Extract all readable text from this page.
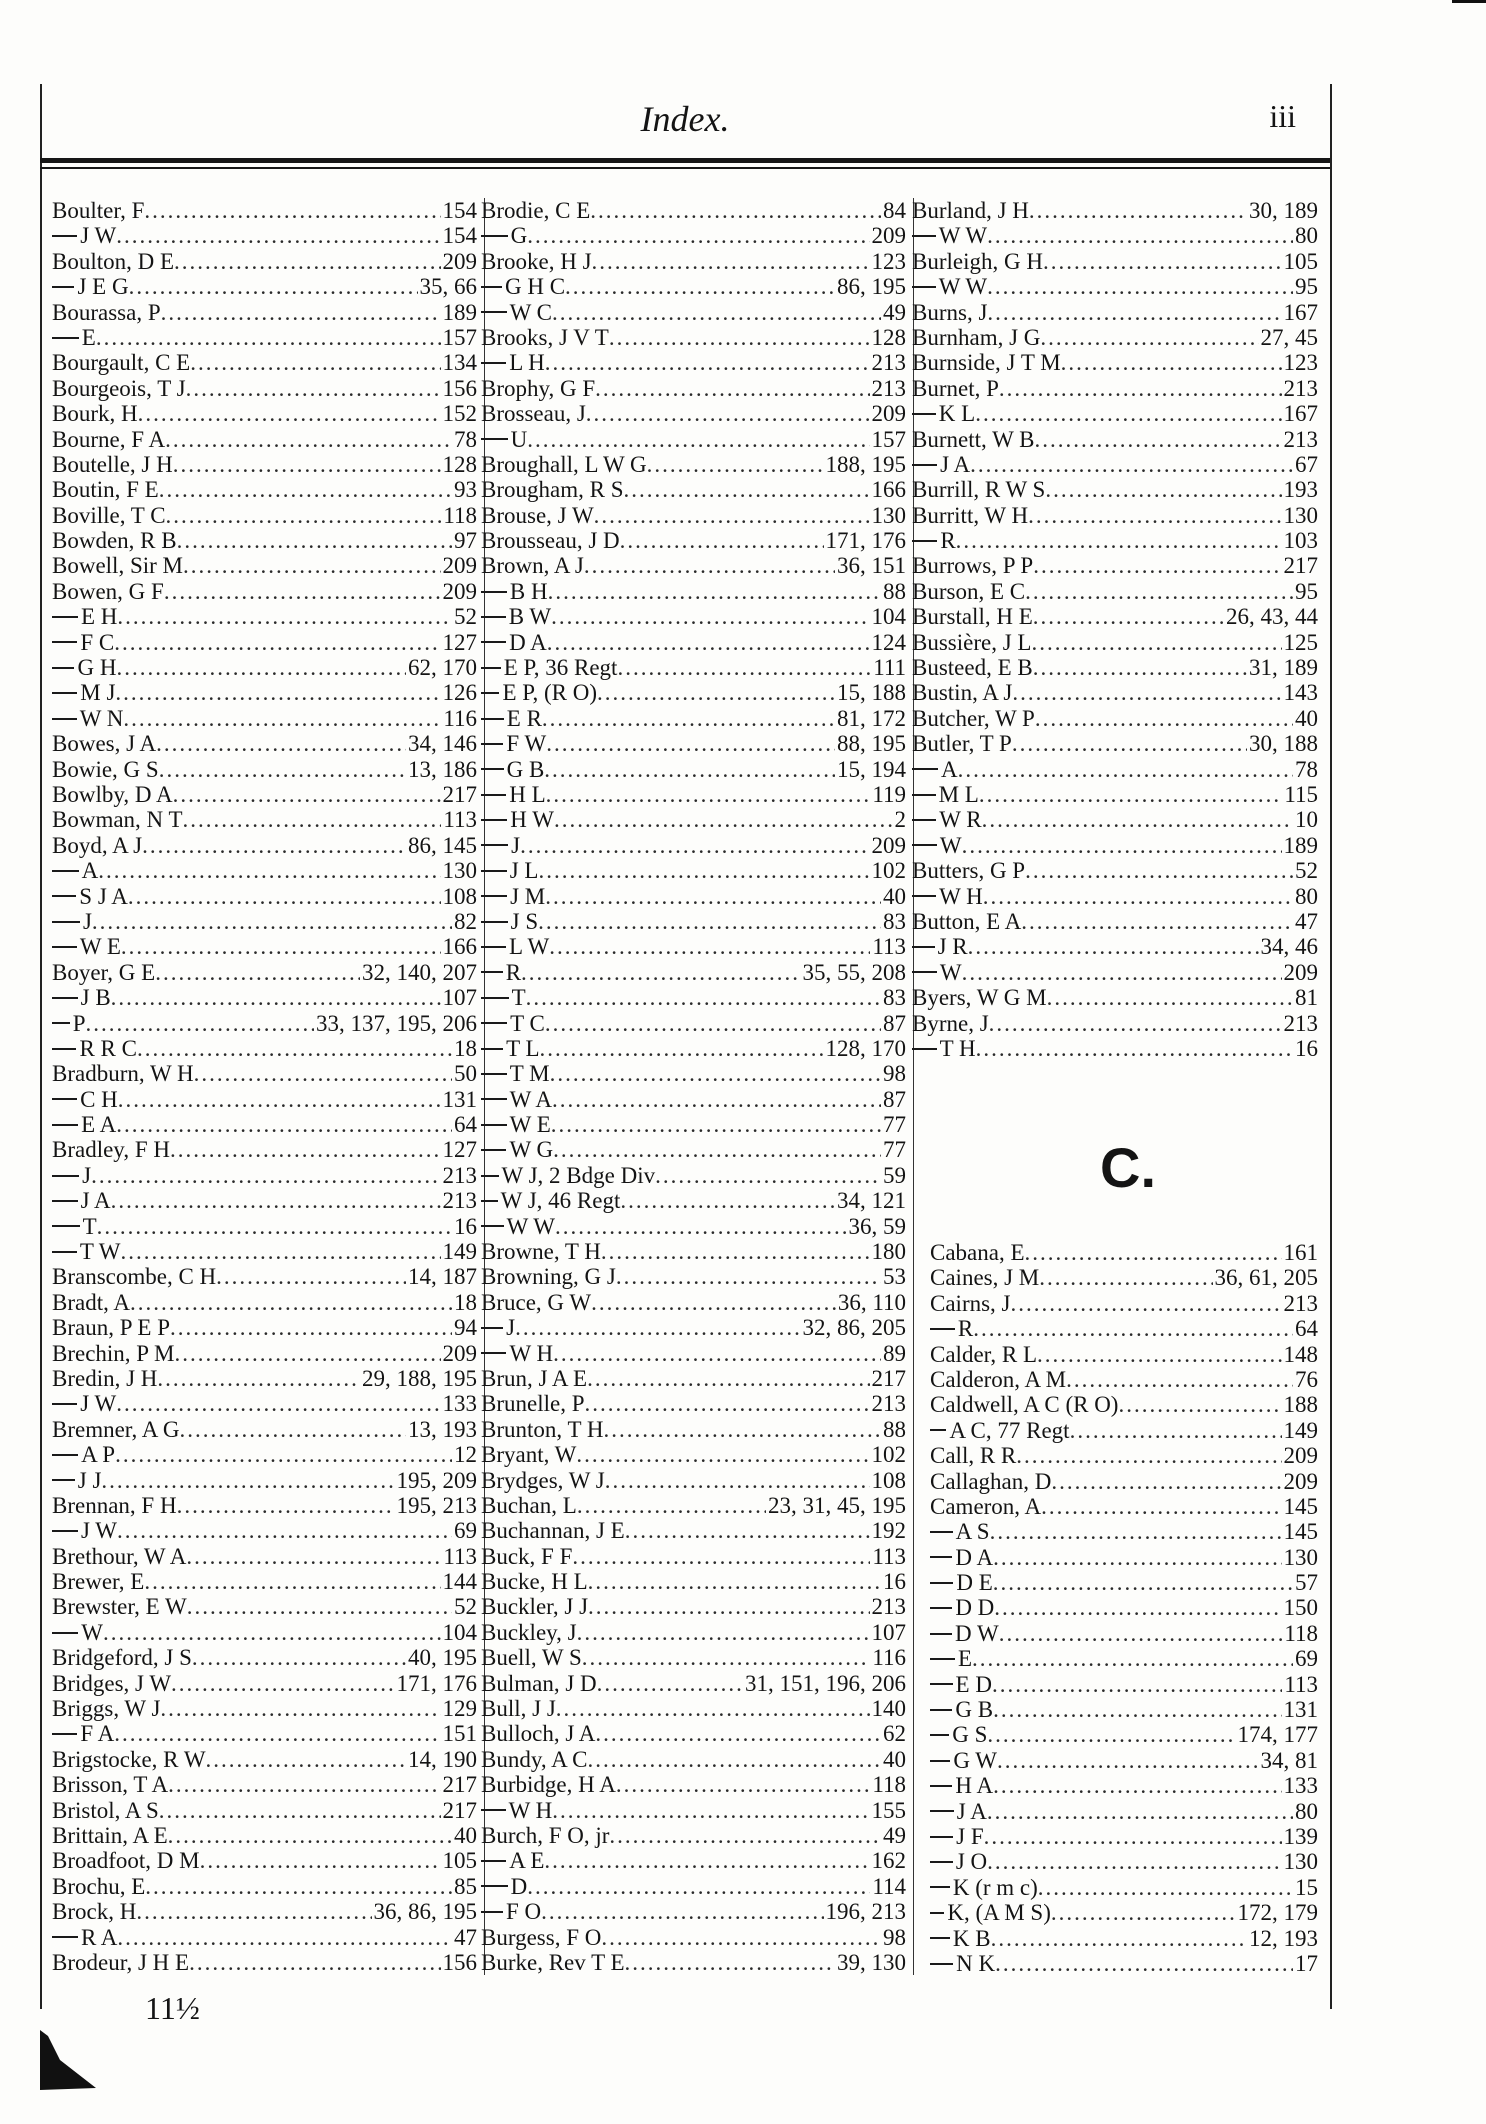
Index.	iii
Boulter, F .....	154
J W .....	154
Boulton, D E .....	209
J E G .....	35, 66
Bourassa, P .....	189
E .....	157
Bourgault, C E .....	134
Bourgeois, T J .....	156
Bourk, H .....	152
Bourne, F A .....	78
Boutelle, J H .....	128
Boutin, F E .....	93
Boville, T C .....	118
Bowden, R B .....	97
Bowell, Sir M .....	209
Bowen, G F .....	209
E H .....	52
F C .....	127
G H .....	62, 170
M J .....	126
W N .....	116
Bowes, J A .....	34, 146
Bowie, G S .....	13, 186
Bowlby, D A .....	217
Bowman, N T .....	113
Boyd, A J .....	86, 145
A .....	130
S J A .....	108
J .....	82
W E .....	166
Boyer, G E .....	32, 140, 207
J B .....	107
P .....	33, 137, 195, 206
R R C .....	18
Bradburn, W H .....	50
C H .....	131
E A .....	64
Bradley, F H .....	127
J .....	213
J A .....	213
T .....	16
T W .....	149
Branscombe, C H .....	14, 187
Bradt, A .....	18
Braun, P E P .....	94
Brechin, P M .....	209
Bredin, J H .....	29, 188, 195
J W .....	133
Bremner, A G .....	13, 193
A P .....	12
J J .....	195, 209
Brennan, F H .....	195, 213
J W .....	69
Brethour, W A .....	113
Brewer, E .....	144
Brewster, E W .....	52
W .....	104
Bridgeford, J S .....	40, 195
Bridges, J W .....	171, 176
Briggs, W J .....	129
F A .....	151
Brigstocke, R W .....	14, 190
Brisson, T A .....	217
Bristol, A S .....	217
Brittain, A E .....	40
Broadfoot, D M .....	105
Brochu, E .....	85
Brock, H .....	36, 86, 195
R A .....	47
Brodeur, J H E .....	156
Brodie, C E .....	84
G .....	209
Brooke, H J .....	123
G H C .....	86, 195
W C .....	49
Brooks, J V T .....	128
L H .....	213
Brophy, G F .....	213
Brosseau, J .....	209
U .....	157
Broughall, L W G .....	188, 195
Brougham, R S .....	166
Brouse, J W .....	130
Brousseau, J D .....	171, 176
Brown, A J .....	36, 151
B H .....	88
B W .....	104
D A .....	124
E P, 36 Regt .....	111
E P, (R O) .....	15, 188
E R .....	81, 172
F W .....	88, 195
G B .....	15, 194
H L .....	119
H W .....	2
J .....	209
J L .....	102
J M .....	40
J S .....	83
L W .....	113
R .....	35, 55, 208
T .....	83
T C .....	87
T L .....	128, 170
T M .....	98
W A .....	87
W E .....	77
W G .....	77
W J, 2 Bdge Div .....	59
W J, 46 Regt .....	34, 121
W W .....	36, 59
Browne, T H .....	180
Browning, G J .....	53
Bruce, G W .....	36, 110
J .....	32, 86, 205
W H .....	89
Brun, J A E .....	217
Brunelle, P .....	213
Brunton, T H .....	88
Bryant, W .....	102
Brydges, W J .....	108
Buchan, L .....	23, 31, 45, 195
Buchannan, J E .....	192
Buck, F F .....	113
Bucke, H L .....	16
Buckler, J J .....	213
Buckley, J .....	107
Buell, W S .....	116
Bulman, J D .....	31, 151, 196, 206
Bull, J J .....	140
Bulloch, J A .....	62
Bundy, A C .....	40
Burbidge, H A .....	118
W H .....	155
Burch, F O, jr .....	49
A E .....	162
D .....	114
F O .....	196, 213
Burgess, F O .....	98
Burke, Rev T E .....	39, 130
Burland, J H .....	30, 189
W W .....	80
Burleigh, G H .....	105
W W .....	95
Burns, J .....	167
Burnham, J G .....	27, 45
Burnside, J T M .....	123
Burnet, P .....	213
K L .....	167
Burnett, W B .....	213
J A .....	67
Burrill, R W S .....	193
Burritt, W H .....	130
R .....	103
Burrows, P P .....	217
Burson, E C .....	95
Burstall, H E .....	26, 43, 44
Bussière, J L .....	125
Busteed, E B .....	31, 189
Bustin, A J .....	143
Butcher, W P .....	40
Butler, T P .....	30, 188
A .....	78
M L .....	115
W R .....	10
W .....	189
Butters, G P .....	52
W H .....	80
Button, E A .....	47
J R .....	34, 46
W .....	209
Byers, W G M .....	81
Byrne, J .....	213
T H .....	16
Cabana, E .....	161
Caines, J M .....	36, 61, 205
Cairns, J .....	213
R .....	64
Calder, R L .....	148
Calderon, A M .....	76
Caldwell, A C (R O) .....	188
A C, 77 Regt .....	149
Call, R R .....	209
Callaghan, D .....	209
Cameron, A .....	145
A S .....	145
D A .....	130
D E .....	57
D D .....	150
D W .....	118
E .....	69
E D .....	113
G B .....	131
G S .....	174, 177
G W .....	34, 81
H A .....	133
J A .....	80
J F .....	139
J O .....	130
K (r m c) .....	15
K, (A M S) .....	172, 179
K B .....	12, 193
N K .....	17
C.
11½
